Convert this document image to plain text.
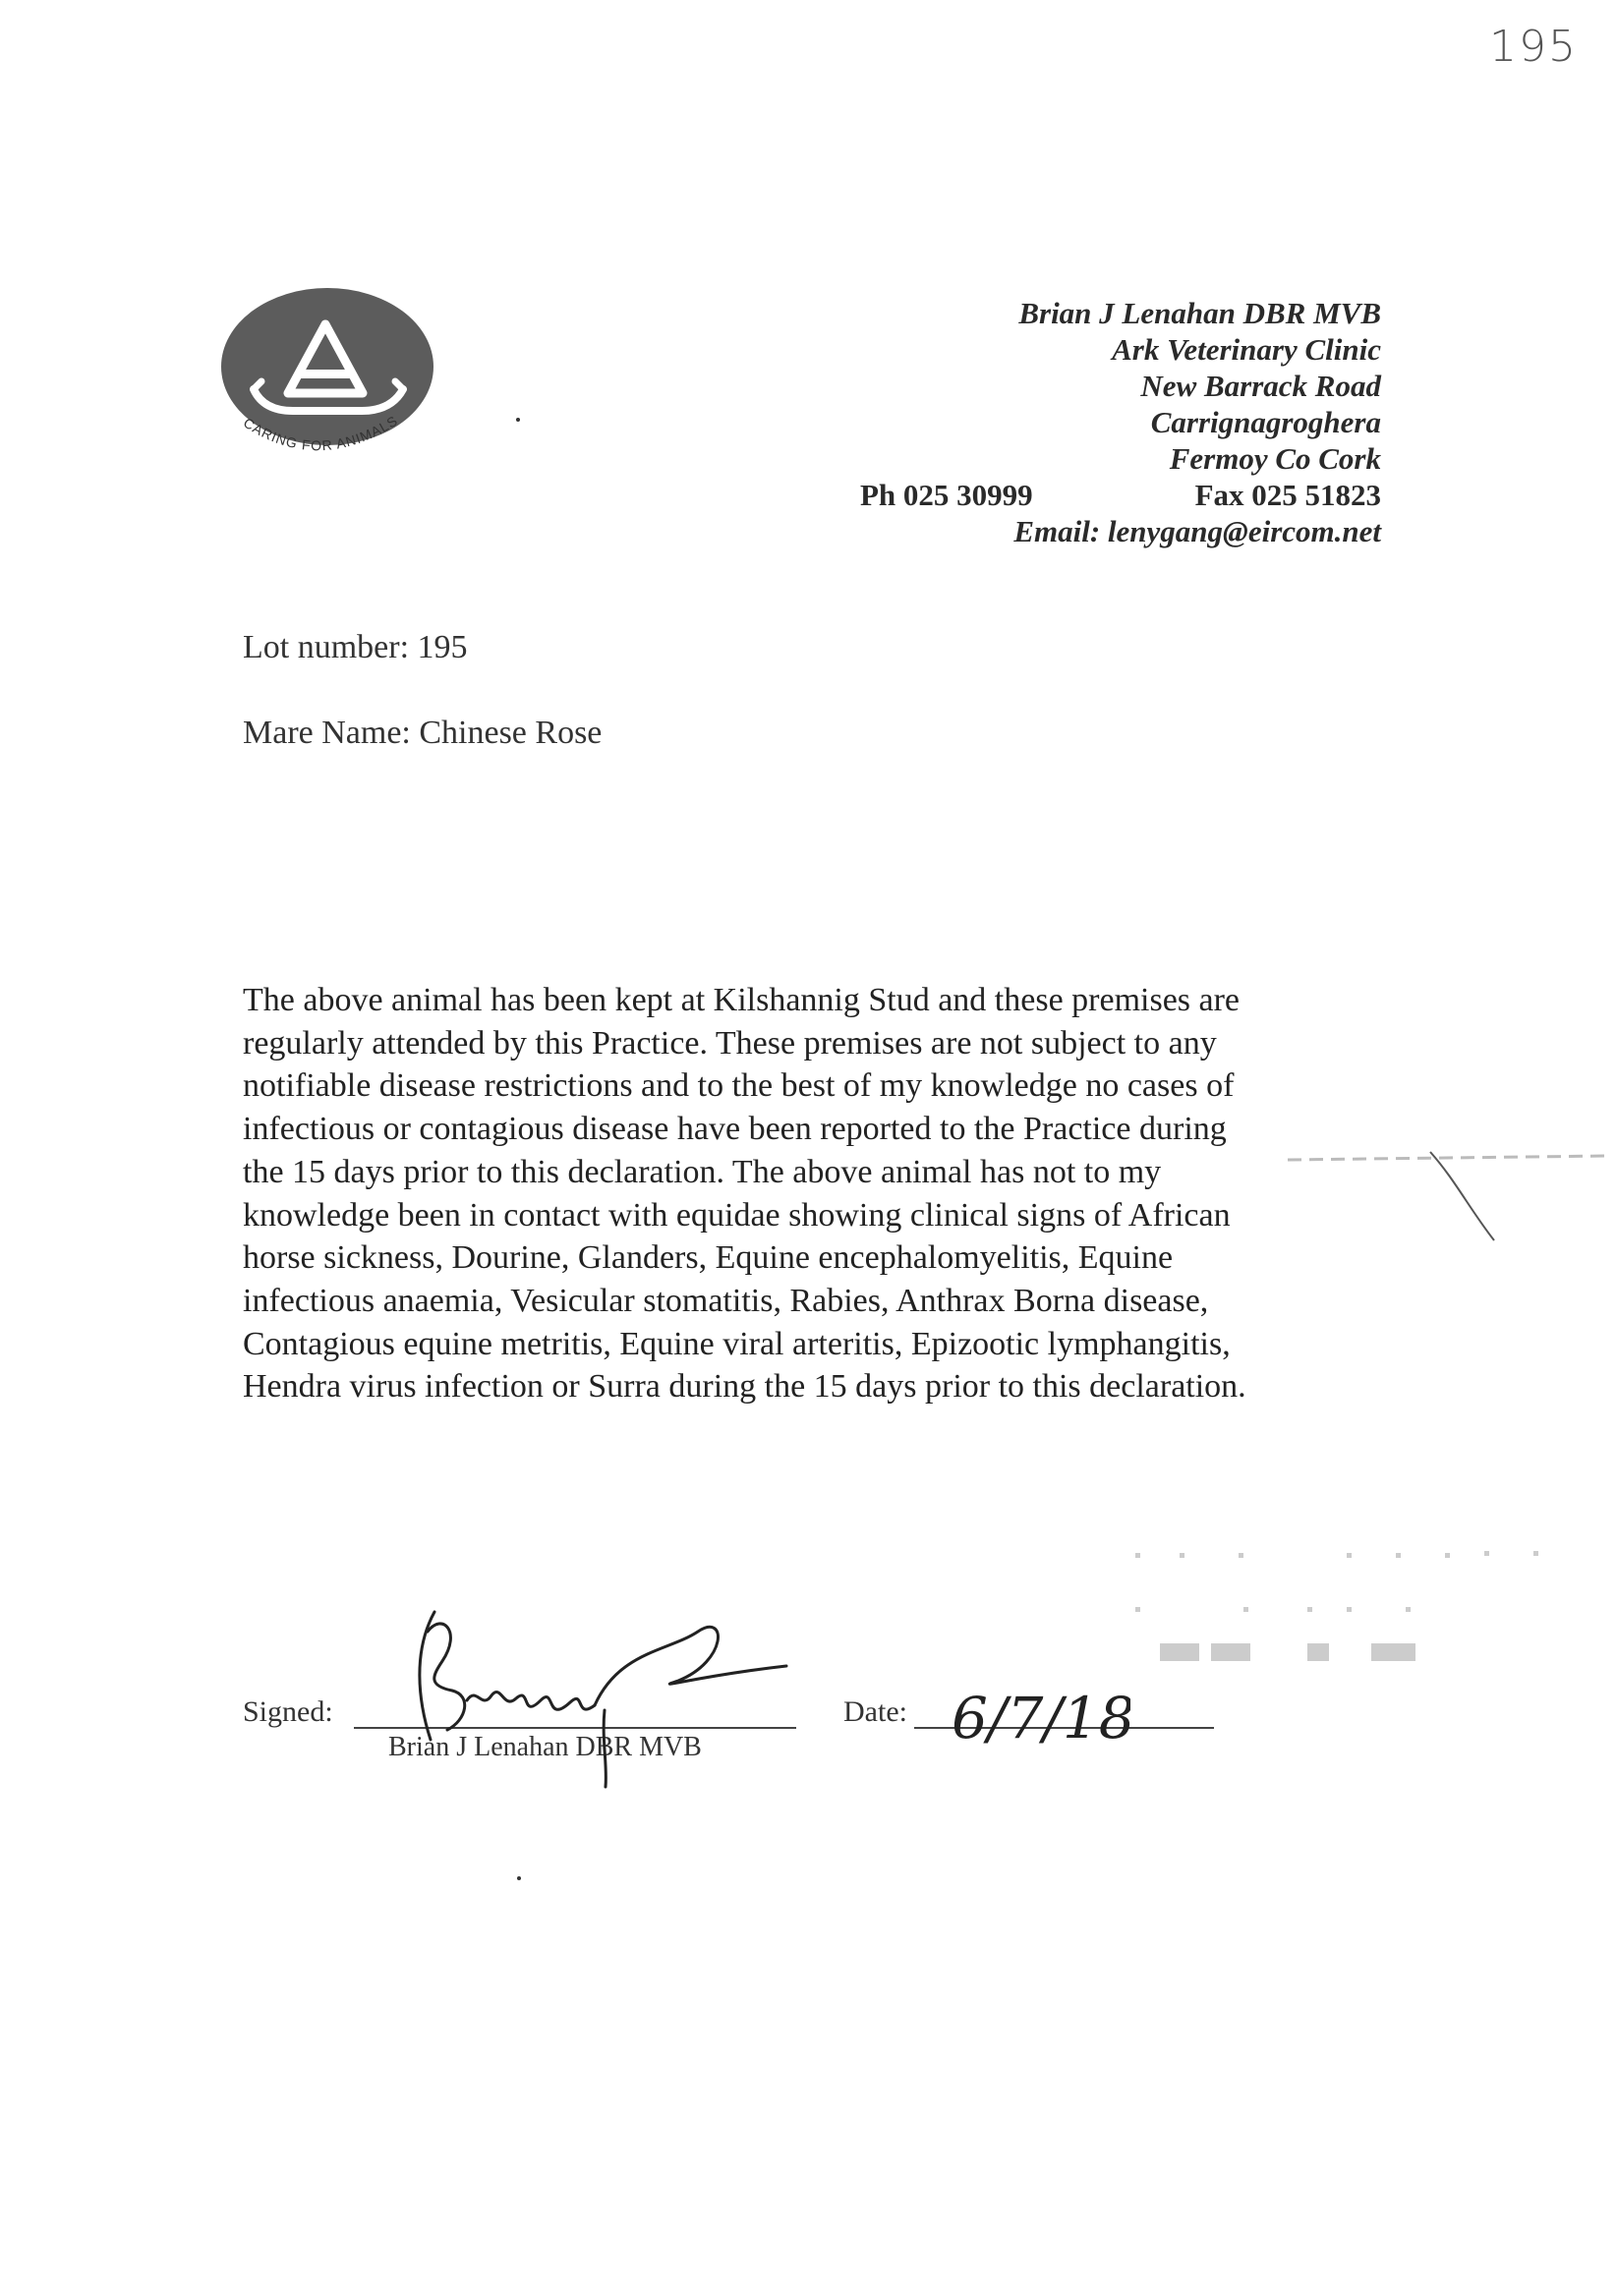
195
CARING FOR ANIMALS
Brian J Lenahan DBR MVB
Ark Veterinary Clinic
New Barrack Road
Carrignagroghera
Fermoy Co Cork
Ph 025 30999	Fax 025 51823
Email: lenygang@eircom.net
Lot number: 195
Mare Name: Chinese Rose
The above animal has been kept at Kilshannig Stud and these premises are
regularly attended by this Practice. These premises are not subject to any
notifiable disease restrictions and to the best of my knowledge no cases of
infectious or contagious disease have been reported to the Practice during
the 15 days prior to this declaration. The above animal has not to my
knowledge been in contact with equidae showing clinical signs of African
horse sickness, Dourine, Glanders, Equine encephalomyelitis, Equine
infectious anaemia, Vesicular stomatitis, Rabies, Anthrax Borna disease,
Contagious equine metritis, Equine viral arteritis, Epizootic lymphangitis,
Hendra virus infection or Surra during the 15 days prior to this declaration.
Signed:
Brian J Lenahan DBR MVB
Date: 6/7/18
